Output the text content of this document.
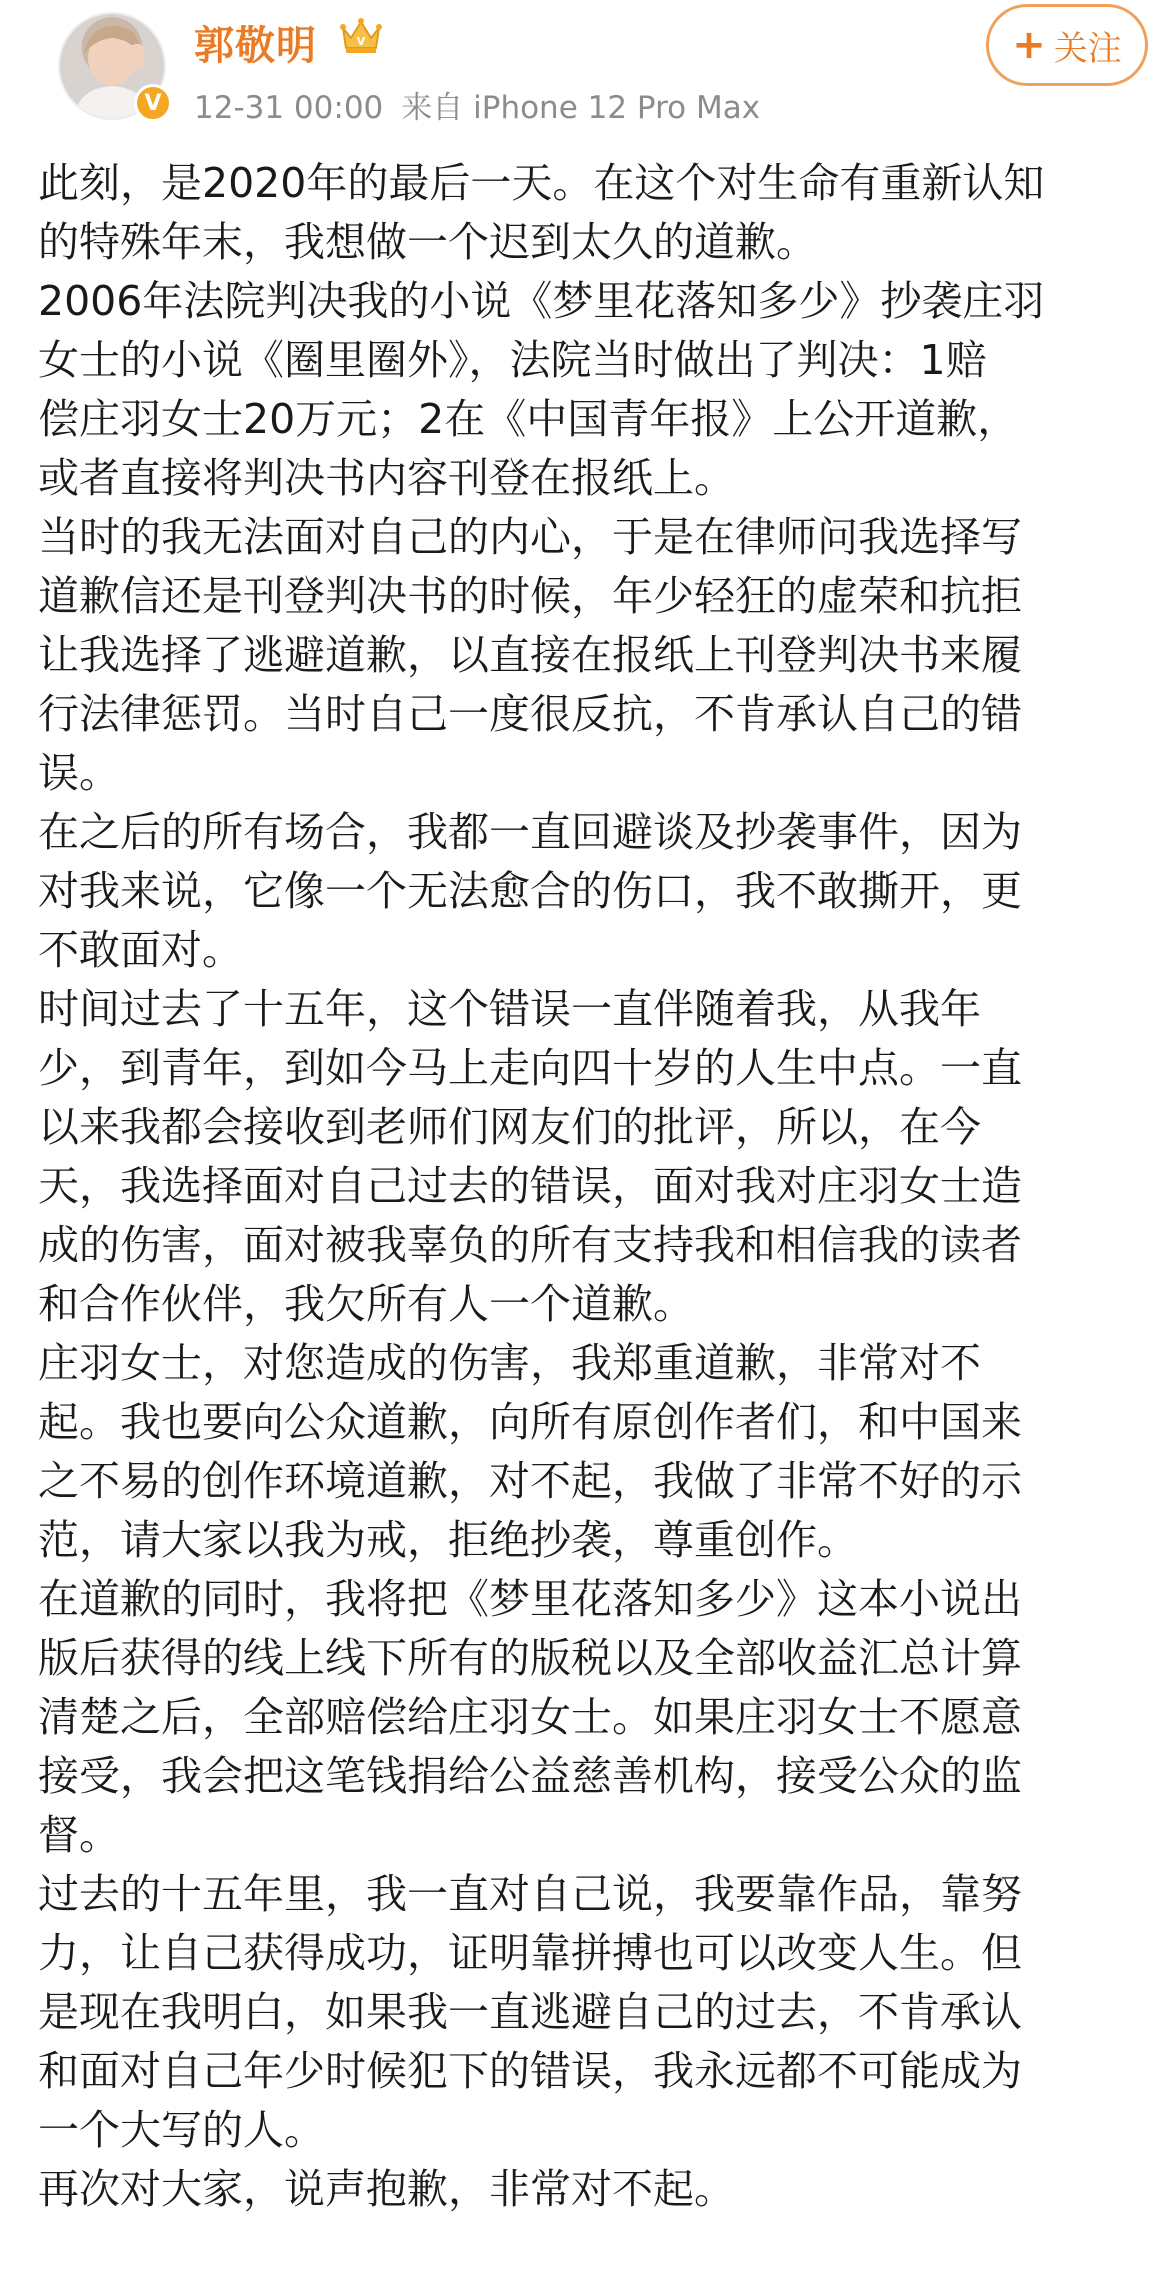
V
郭敬明	V
12-31 00:00 来自 iPhone 12 Pro Max
+ 关注
此刻，是2020年的最后一天。在这个对生命有重新认知
的特殊年末，我想做一个迟到太久的道歉。
2006年法院判决我的小说《梦里花落知多少》抄袭庄羽
女士的小说《圈里圈外》，法院当时做出了判决：1赔
偿庄羽女士20万元；2在《中国青年报》上公开道歉，
或者直接将判决书内容刊登在报纸上。
当时的我无法面对自己的内心，于是在律师问我选择写
道歉信还是刊登判决书的时候，年少轻狂的虚荣和抗拒
让我选择了逃避道歉，以直接在报纸上刊登判决书来履
行法律惩罚。当时自己一度很反抗，不肯承认自己的错
误。
在之后的所有场合，我都一直回避谈及抄袭事件，因为
对我来说，它像一个无法愈合的伤口，我不敢撕开，更
不敢面对。
时间过去了十五年，这个错误一直伴随着我，从我年
少，到青年，到如今马上走向四十岁的人生中点。一直
以来我都会接收到老师们网友们的批评，所以，在今
天，我选择面对自己过去的错误，面对我对庄羽女士造
成的伤害，面对被我辜负的所有支持我和相信我的读者
和合作伙伴，我欠所有人一个道歉。
庄羽女士，对您造成的伤害，我郑重道歉，非常对不
起。我也要向公众道歉，向所有原创作者们，和中国来
之不易的创作环境道歉，对不起，我做了非常不好的示
范，请大家以我为戒，拒绝抄袭，尊重创作。
在道歉的同时，我将把《梦里花落知多少》这本小说出
版后获得的线上线下所有的版税以及全部收益汇总计算
清楚之后，全部赔偿给庄羽女士。如果庄羽女士不愿意
接受，我会把这笔钱捐给公益慈善机构，接受公众的监
督。
过去的十五年里，我一直对自己说，我要靠作品，靠努
力，让自己获得成功，证明靠拼搏也可以改变人生。但
是现在我明白，如果我一直逃避自己的过去，不肯承认
和面对自己年少时候犯下的错误，我永远都不可能成为
一个大写的人。
再次对大家，说声抱歉，非常对不起。
